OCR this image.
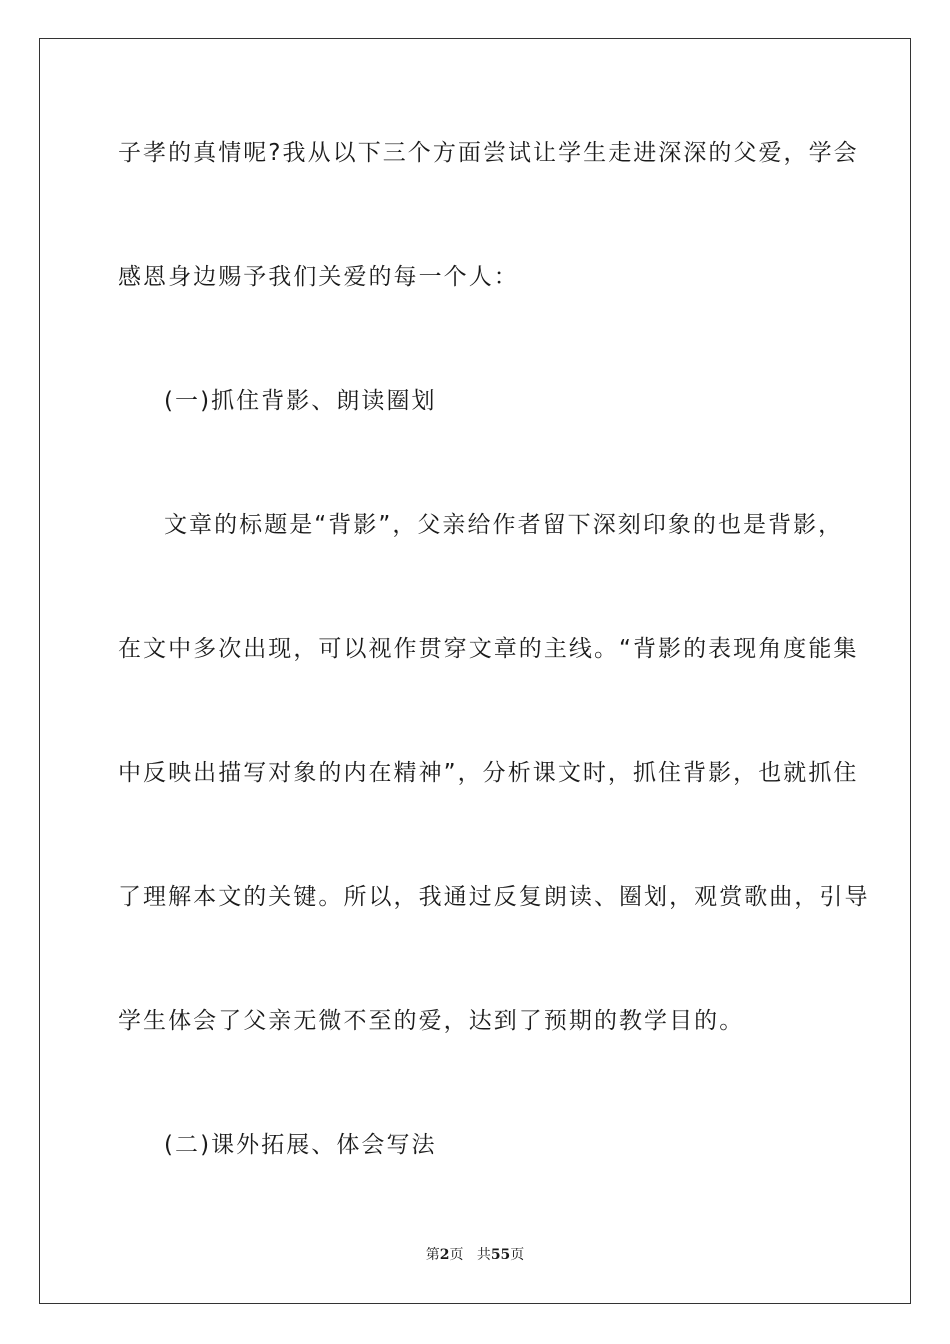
子孝的真情呢?我从以下三个方面尝试让学生走进深深的父爱，学会
感恩身边赐予我们关爱的每一个人：
(一)抓住背影、朗读圈划
文章的标题是“背影”，父亲给作者留下深刻印象的也是背影，
在文中多次出现，可以视作贯穿文章的主线。“背影的表现角度能集
中反映出描写对象的内在精神”，分析课文时，抓住背影，也就抓住
了理解本文的关键。所以，我通过反复朗读、圈划，观赏歌曲，引导
学生体会了父亲无微不至的爱，达到了预期的教学目的。
(二)课外拓展、体会写法
第2页 共55页
